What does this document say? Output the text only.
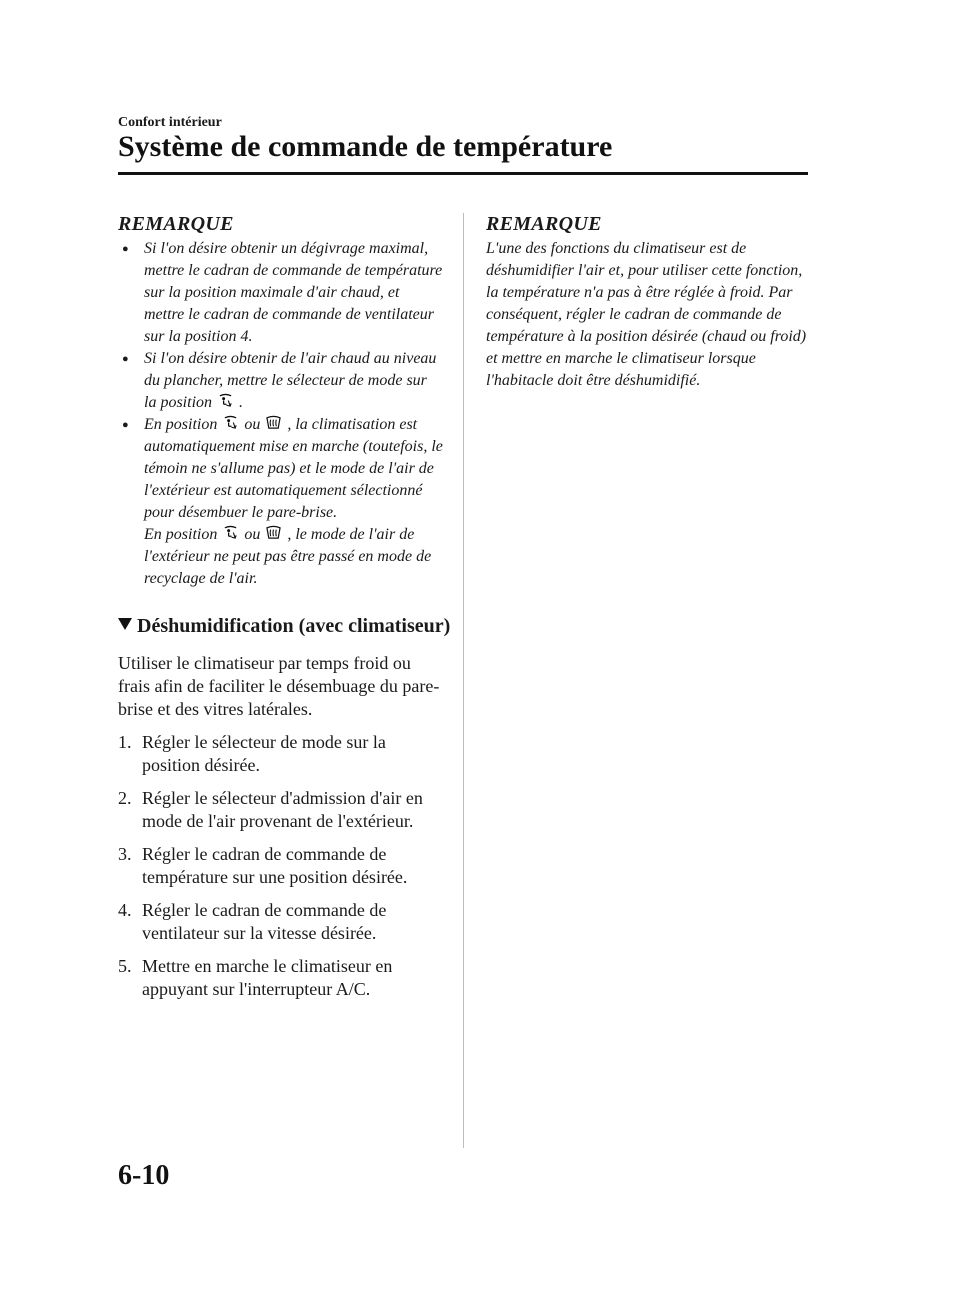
Confort intérieur
Système de commande de température
REMARQUE
● Si l'on désire obtenir un dégivrage maximal, mettre le cadran de commande de température sur la position maximale d'air chaud, et mettre le cadran de commande de ventilateur sur la position 4.
● Si l'on désire obtenir de l'air chaud au niveau du plancher, mettre le sélecteur de mode sur la position .
● En position ou , la climatisation est automatiquement mise en marche (toutefois, le témoin ne s'allume pas) et le mode de l'air de l'extérieur est automatiquement sélectionné pour désembuer le pare-brise.
En position ou , le mode de l'air de l'extérieur ne peut pas être passé en mode de recyclage de l'air.
Déshumidification (avec climatiseur)

Utiliser le climatiseur par temps froid ou frais afin de faciliter le désembuage du pare-brise et des vitres latérales.

1. Régler le sélecteur de mode sur la position désirée.
2. Régler le sélecteur d'admission d'air en mode de l'air provenant de l'extérieur.
3. Régler le cadran de commande de température sur une position désirée.
4. Régler le cadran de commande de ventilateur sur la vitesse désirée.
5. Mettre en marche le climatiseur en appuyant sur l'interrupteur A/C.
REMARQUE

L'une des fonctions du climatiseur est de déshumidifier l'air et, pour utiliser cette fonction, la température n'a pas à être réglée à froid. Par conséquent, régler le cadran de commande de température à la position désirée (chaud ou froid) et mettre en marche le climatiseur lorsque l'habitacle doit être déshumidifié.

6-10
